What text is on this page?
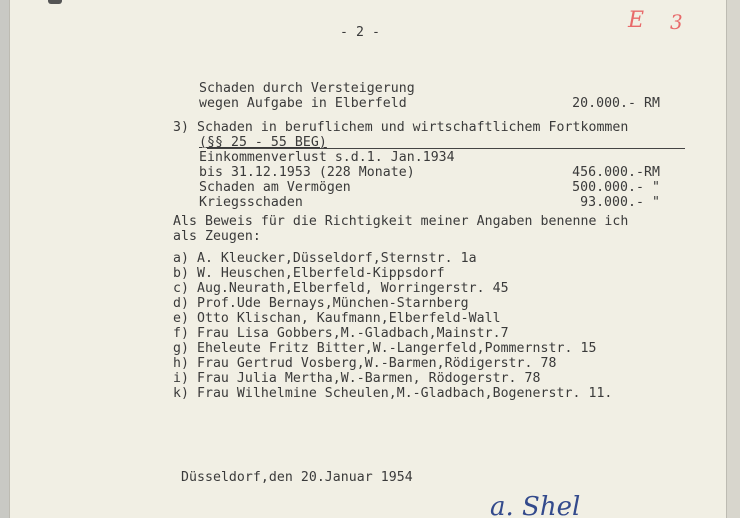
- 2 -	E 3
Schaden durch Versteigerung
wegen Aufgabe in Elberfeld	20.000.- RM
3) Schaden in beruflichem und wirtschaftlichem Fortkommen
(§§ 25 - 55 BEG)
Einkommenverlust s.d.1. Jan.1934
bis 31.12.1953 (228 Monate)	456.000.-RM
Schaden am Vermögen	500.000.- "
Kriegsschaden	93.000.- "
Als Beweis für die Richtigkeit meiner Angaben benenne ich
als Zeugen:
a) A. Kleucker,Düsseldorf,Sternstr. 1a
b) W. Heuschen,Elberfeld-Kippsdorf
c) Aug.Neurath,Elberfeld, Worringerstr. 45
d) Prof.Ude Bernays,München-Starnberg
e) Otto Klischan, Kaufmann,Elberfeld-Wall
f) Frau Lisa Gobbers,M.-Gladbach,Mainstr.7
g) Eheleute Fritz Bitter,W.-Langerfeld,Pommernstr. 15
h) Frau Gertrud Vosberg,W.-Barmen,Rödigerstr. 78
i) Frau Julia Mertha,W.-Barmen, Rödogerstr. 78
k) Frau Wilhelmine Scheulen,M.-Gladbach,Bogenerstr. 11.
Düsseldorf,den 20.Januar 1954
a. Shel
